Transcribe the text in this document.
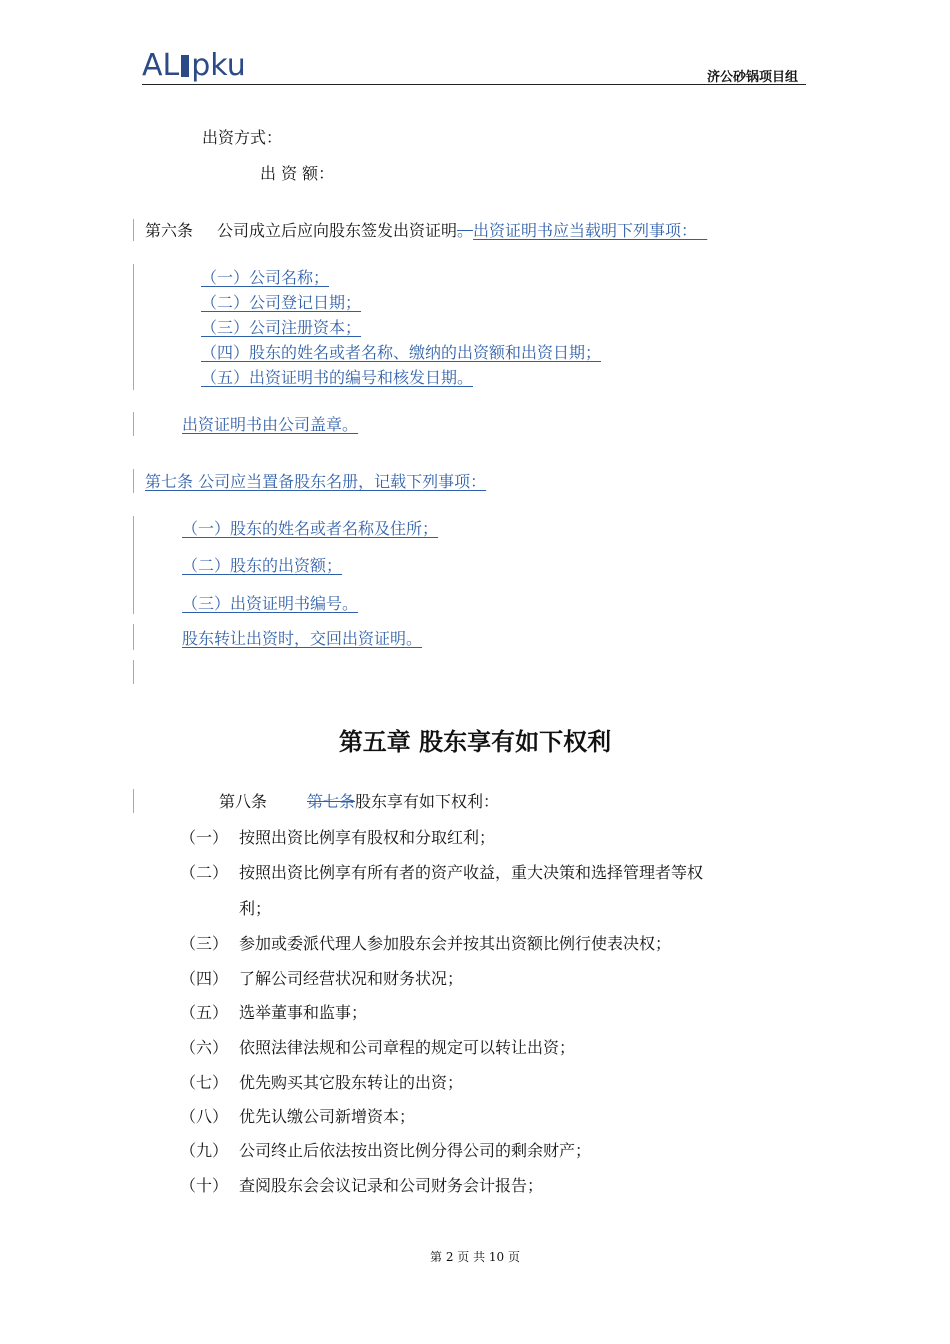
AL pku	济公砂锅项目组
出资方式：
出 资 额：
第六条 公司成立后应向股东签发出资证明。出资证明书应当载明下列事项：
（一）公司名称；
（二）公司登记日期；
（三）公司注册资本；
（四）股东的姓名或者名称、缴纳的出资额和出资日期；
（五）出资证明书的编号和核发日期。
出资证明书由公司盖章。
第七条 公司应当置备股东名册，记载下列事项：
（一）股东的姓名或者名称及住所；
（二）股东的出资额；
（三）出资证明书编号。
股东转让出资时，交回出资证明。
第五章 股东享有如下权利
第八条	第七条股东享有如下权利：
（一） 按照出资比例享有股权和分取红利；
（二） 按照出资比例享有所有者的资产收益，重大决策和选择管理者等权
利；
（三） 参加或委派代理人参加股东会并按其出资额比例行使表决权；
（四） 了解公司经营状况和财务状况；
（五） 选举董事和监事；
（六） 依照法律法规和公司章程的规定可以转让出资；
（七） 优先购买其它股东转让的出资；
（八） 优先认缴公司新增资本；
（九） 公司终止后依法按出资比例分得公司的剩余财产；
（十） 查阅股东会会议记录和公司财务会计报告；
第 2 页 共 10 页
